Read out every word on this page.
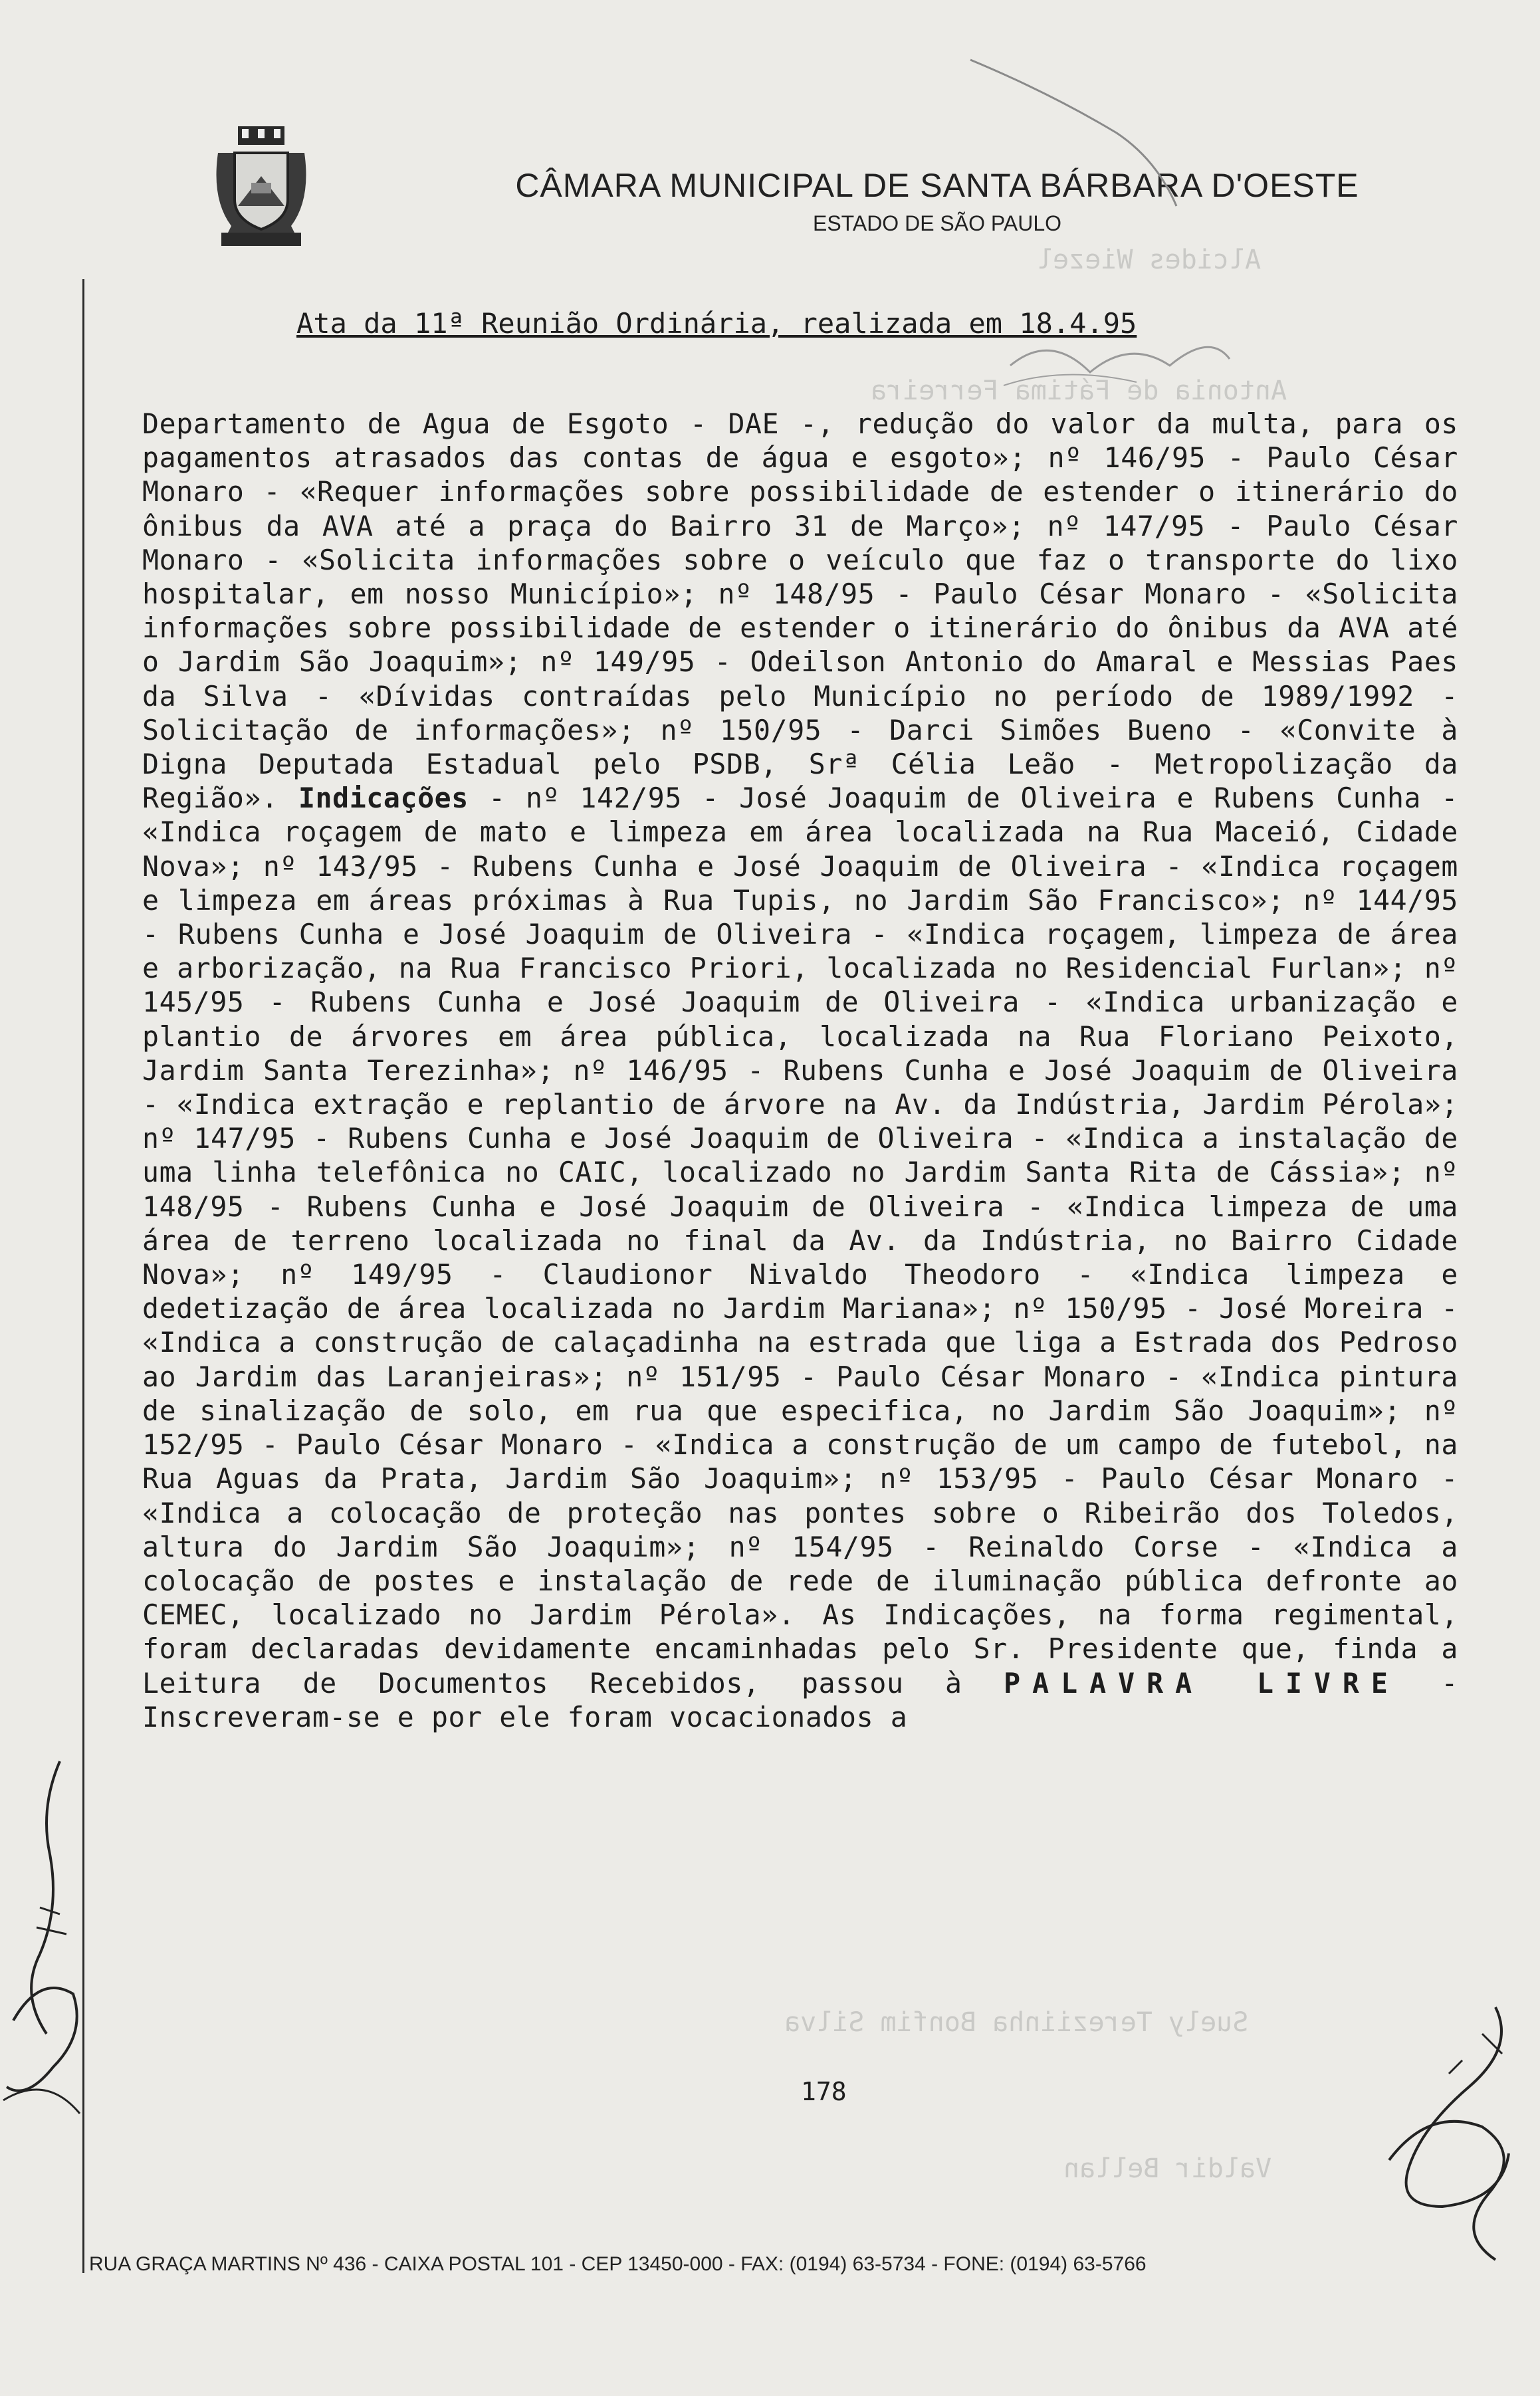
Alcides Wiezel
Antonia de Fátima Ferreira
Suely Tereziinha Bonfim Silva
Valdir Bellan
CÂMARA MUNICIPAL DE SANTA BÁRBARA D'OESTE
ESTADO DE SÃO PAULO
Ata da 11ª Reunião Ordinária, realizada em 18.4.95
Departamento de Agua de Esgoto - DAE -, redução do valor da multa, para os pagamentos atrasados das contas de água e esgoto»; nº 146/95 - Paulo César Monaro - «Requer informações sobre possibilidade de estender o itinerário do ônibus da AVA até a praça do Bairro 31 de Março»; nº 147/95 - Paulo César Monaro - «Solicita informações sobre o veículo que faz o transporte do lixo hospitalar, em nosso Município»; nº 148/95 - Paulo César Monaro - «Solicita informações sobre possibilidade de estender o itinerário do ônibus da AVA até o Jardim São Joaquim»; nº 149/95 - Odeilson Antonio do Amaral e Messias Paes da Silva - «Dívidas contraídas pelo Município no período de 1989/1992 - Solicitação de informações»; nº 150/95 - Darci Simões Bueno - «Convite à Digna Deputada Estadual pelo PSDB, Srª Célia Leão - Metropolização da Região». Indicações - nº 142/95 - José Joaquim de Oliveira e Rubens Cunha - «Indica roçagem de mato e limpeza em área localizada na Rua Maceió, Cidade Nova»; nº 143/95 - Rubens Cunha e José Joaquim de Oliveira - «Indica roçagem e limpeza em áreas próximas à Rua Tupis, no Jardim São Francisco»; nº 144/95 - Rubens Cunha e José Joaquim de Oliveira - «Indica roçagem, limpeza de área e arborização, na Rua Francisco Priori, localizada no Residencial Furlan»; nº 145/95 - Rubens Cunha e José Joaquim de Oliveira - «Indica urbanização e plantio de árvores em área pública, localizada na Rua Floriano Peixoto, Jardim Santa Terezinha»; nº 146/95 - Rubens Cunha e José Joaquim de Oliveira - «Indica extração e replantio de árvore na Av. da Indústria, Jardim Pérola»; nº 147/95 - Rubens Cunha e José Joaquim de Oliveira - «Indica a instalação de uma linha telefônica no CAIC, localizado no Jardim Santa Rita de Cássia»; nº 148/95 - Rubens Cunha e José Joaquim de Oliveira - «Indica limpeza de uma área de terreno localizada no final da Av. da Indústria, no Bairro Cidade Nova»; nº 149/95 - Claudionor Nivaldo Theodoro - «Indica limpeza e dedetização de área localizada no Jardim Mariana»; nº 150/95 - José Moreira - «Indica a construção de calaçadinha na estrada que liga a Estrada dos Pedroso ao Jardim das Laranjeiras»; nº 151/95 - Paulo César Monaro - «Indica pintura de sinalização de solo, em rua que especifica, no Jardim São Joaquim»; nº 152/95 - Paulo César Monaro - «Indica a construção de um campo de futebol, na Rua Aguas da Prata, Jardim São Joaquim»; nº 153/95 - Paulo César Monaro - «Indica a colocação de proteção nas pontes sobre o Ribeirão dos Toledos, altura do Jardim São Joaquim»; nº 154/95 - Reinaldo Corse - «Indica a colocação de postes e instalação de rede de iluminação pública defronte ao CEMEC, localizado no Jardim Pérola». As Indicações, na forma regimental, foram declaradas devidamente encaminhadas pelo Sr. Presidente que, finda a Leitura de Documentos Recebidos, passou à PALAVRA LIVRE - Inscreveram-se e por ele foram vocacionados a
178
RUA GRAÇA MARTINS Nº 436 - CAIXA POSTAL 101 - CEP 13450-000 - FAX: (0194) 63-5734 - FONE: (0194) 63-5766
